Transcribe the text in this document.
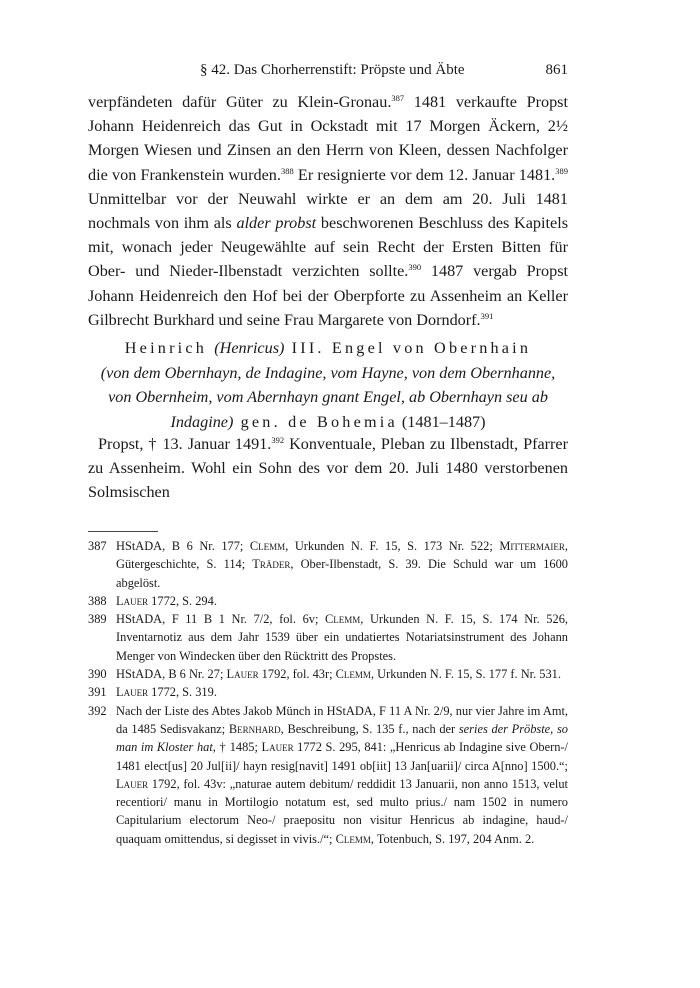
§ 42. Das Chorherrenstift: Pröpste und Äbte	861
verpfändeten dafür Güter zu Klein-Gronau.$^{387}$ 1481 verkaufte Propst Johann Heidenreich das Gut in Ockstadt mit 17 Morgen Äckern, 2½ Morgen Wiesen und Zinsen an den Herrn von Kleen, dessen Nachfolger die von Frankenstein wurden.$^{388}$ Er resignierte vor dem 12. Januar 1481.$^{389}$ Unmittelbar vor der Neuwahl wirkte er an dem am 20. Juli 1481 nochmals von ihm als alder probst beschworenen Beschluss des Kapitels mit, wonach jeder Neugewählte auf sein Recht der Ersten Bitten für Ober- und Nieder-Ilbenstadt verzichten sollte.$^{390}$ 1487 vergab Propst Johann Heidenreich den Hof bei der Oberpforte zu Assenheim an Keller Gilbrecht Burkhard und seine Frau Margarete von Dorndorf.$^{391}$
Heinrich (Henricus) III. Engel von Obernhain
(von dem Obernhayn, de Indagine, vom Hayne, von dem Obernhanne, von Obernheim, vom Abernhayn gnant Engel, ab Obernhayn seu ab Indagine) gen. de Bohemia (1481–1487)
Propst, † 13. Januar 1491.$^{392}$ Konventuale, Pleban zu Ilbenstadt, Pfarrer zu Assenheim. Wohl ein Sohn des vor dem 20. Juli 1480 verstorbenen Solmsischen
387 HStADA, B 6 Nr. 177; Clemm, Urkunden N. F. 15, S. 173 Nr. 522; Mittermaier, Gütergeschichte, S. 114; Träder, Ober-Ilbenstadt, S. 39. Die Schuld war um 1600 abgelöst.
388 Lauer 1772, S. 294.
389 HStADA, F 11 B 1 Nr. 7/2, fol. 6v; Clemm, Urkunden N. F. 15, S. 174 Nr. 526, Inventarnotiz aus dem Jahr 1539 über ein undatiertes Notariatsinstrument des Johann Menger von Windecken über den Rücktritt des Propstes.
390 HStADA, B 6 Nr. 27; Lauer 1792, fol. 43r; Clemm, Urkunden N. F. 15, S. 177 f. Nr. 531.
391 Lauer 1772, S. 319.
392 Nach der Liste des Abtes Jakob Münch in HStADA, F 11 A Nr. 2/9, nur vier Jahre im Amt, da 1485 Sedisvakanz; Bernhard, Beschreibung, S. 135 f., nach der series der Pröbste, so man im Kloster hat, † 1485; Lauer 1772 S. 295, 841: „Henricus ab Indagine sive Obern-/ 1481 elect[us] 20 Jul[ii]/ hayn resig[navit] 1491 ob[iit] 13 Jan[uarii]/ circa A[nno] 1500.“; Lauer 1792, fol. 43v: „naturae autem debitum/ reddidit 13 Januarii, non anno 1513, velut recentiori/ manu in Mortilogio notatum est, sed multo prius./ nam 1502 in numero Capitularium electorum Neo-/ praepositu non visitur Henricus ab indagine, haud-/ quaquam omittendus, si degisset in vivis./“; Clemm, Totenbuch, S. 197, 204 Anm. 2.
